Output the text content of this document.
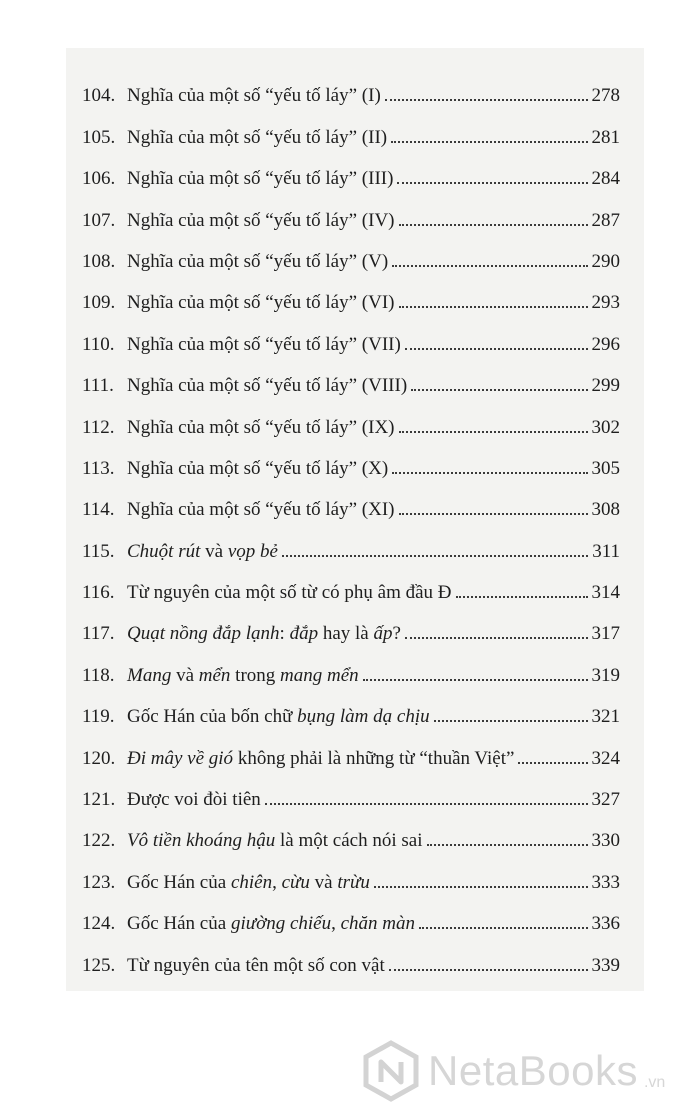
104. Nghĩa của một số “yếu tố láy” (I)	278
105. Nghĩa của một số “yếu tố láy” (II)	281
106. Nghĩa của một số “yếu tố láy” (III)	284
107. Nghĩa của một số “yếu tố láy” (IV)	287
108. Nghĩa của một số “yếu tố láy” (V)	290
109. Nghĩa của một số “yếu tố láy” (VI)	293
110. Nghĩa của một số “yếu tố láy” (VII)	296
111. Nghĩa của một số “yếu tố láy” (VIII)	299
112. Nghĩa của một số “yếu tố láy” (IX)	302
113. Nghĩa của một số “yếu tố láy” (X)	305
114. Nghĩa của một số “yếu tố láy” (XI)	308
115. Chuột rút và vọp bẻ	311
116. Từ nguyên của một số từ có phụ âm đầu Đ	314
117. Quạt nồng đắp lạnh: đắp hay là ấp?	317
118. Mang và mển trong mang mển	319
119. Gốc Hán của bốn chữ bụng làm dạ chịu	321
120. Đi mây về gió không phải là những từ “thuần Việt”	324
121. Được voi đòi tiên	327
122. Vô tiền khoáng hậu là một cách nói sai	330
123. Gốc Hán của chiên, cừu và trừu	333
124. Gốc Hán của giường chiếu, chăn màn	336
125. Từ nguyên của tên một số con vật	339
NetaBooks .vn
